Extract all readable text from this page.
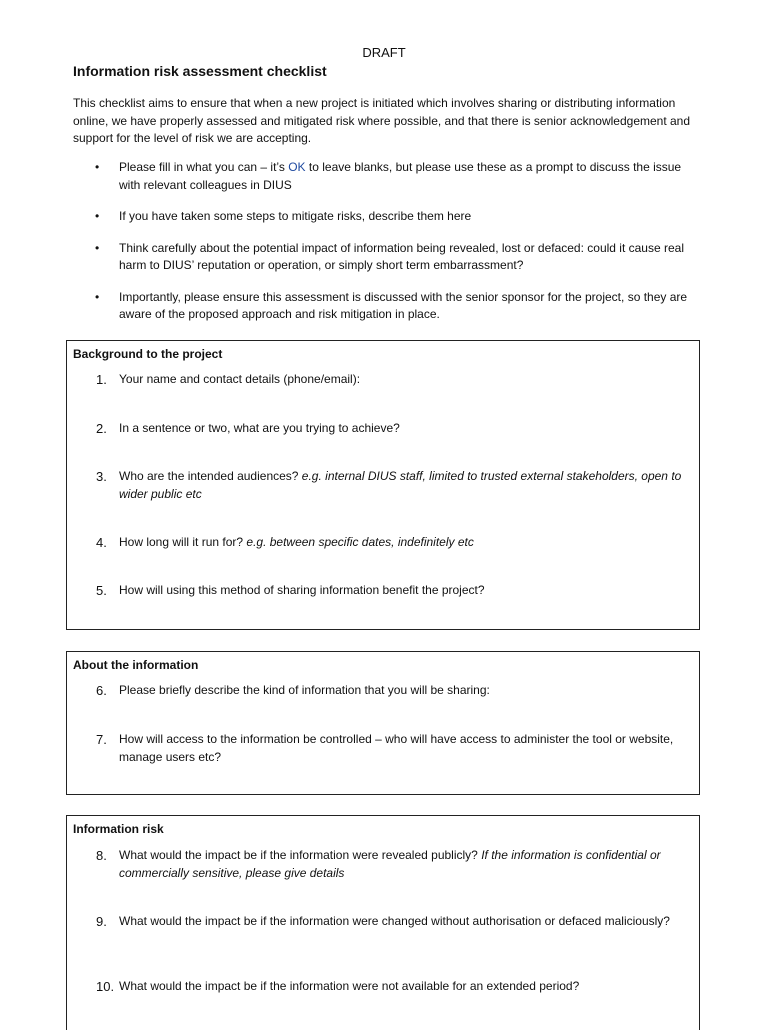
DRAFT
Information risk assessment checklist
This checklist aims to ensure that when a new project is initiated which involves sharing or distributing information online, we have properly assessed and mitigated risk where possible, and that there is senior acknowledgement and support for the level of risk we are accepting.
• Please fill in what you can – it’s OK to leave blanks, but please use these as a prompt to discuss the issue with relevant colleagues in DIUS
• If you have taken some steps to mitigate risks, describe them here
• Think carefully about the potential impact of information being revealed, lost or defaced: could it cause real harm to DIUS’ reputation or operation, or simply short term embarrassment?
• Importantly, please ensure this assessment is discussed with the senior sponsor for the project, so they are aware of the proposed approach and risk mitigation in place.
Background to the project
1.	Your name and contact details (phone/email):
2.	In a sentence or two, what are you trying to achieve?
3.	Who are the intended audiences? e.g. internal DIUS staff, limited to trusted external stakeholders, open to wider public etc
4.	How long will it run for? e.g. between specific dates, indefinitely etc
5.	How will using this method of sharing information benefit the project?
About the information
6.	Please briefly describe the kind of information that you will be sharing:
7.	How will access to the information be controlled – who will have access to administer the tool or website, manage users etc?
Information risk
8.	What would the impact be if the information were revealed publicly? If the information is confidential or commercially sensitive, please give details
9.	What would the impact be if the information were changed without authorisation or defaced maliciously?
10. What would the impact be if the information were not available for an extended period?
